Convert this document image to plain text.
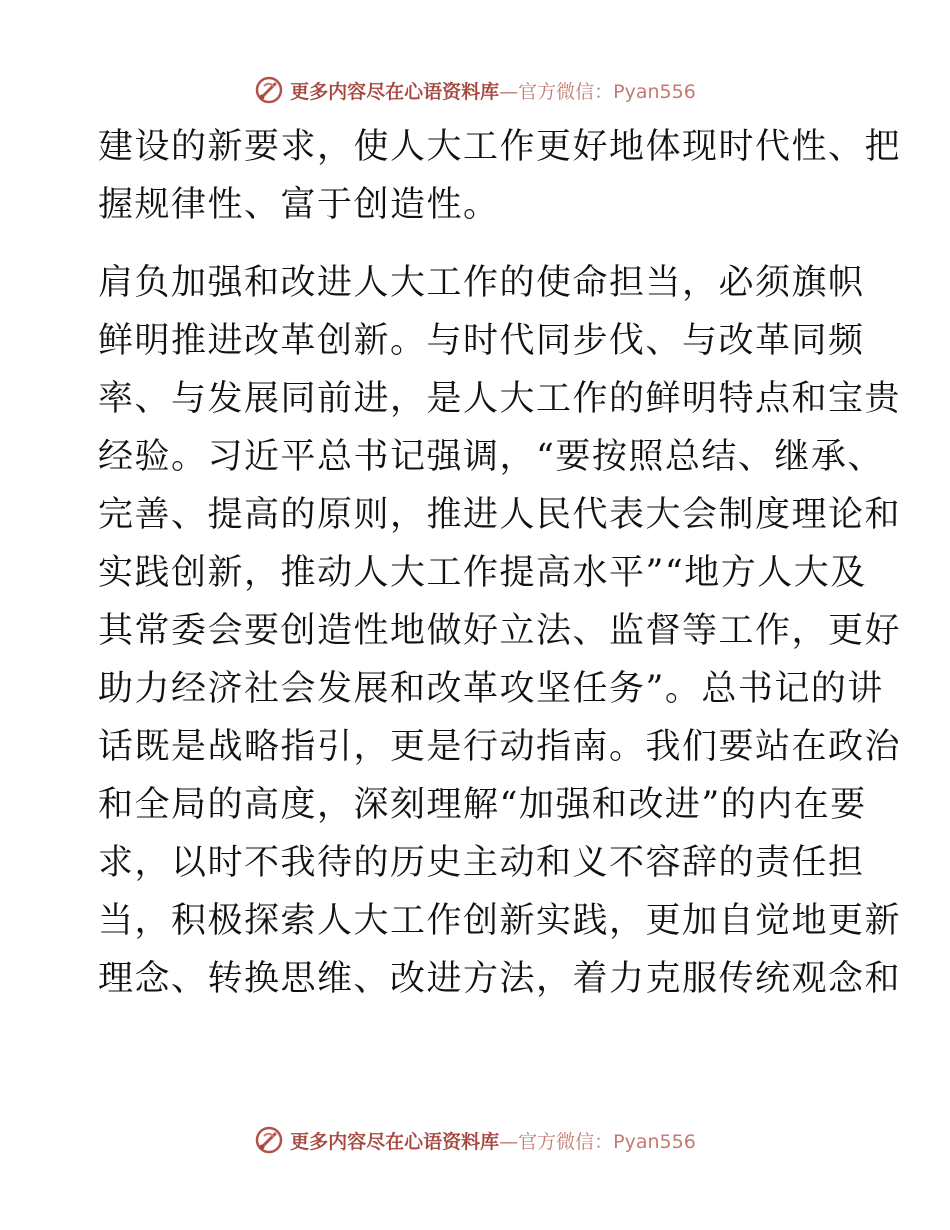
更多内容尽在心语资料库—官方微信：Pyan556
建设的新要求，使人大工作更好地体现时代性、把
握规律性、富于创造性。
肩负加强和改进人大工作的使命担当，必须旗帜
鲜明推进改革创新。与时代同步伐、与改革同频
率、与发展同前进，是人大工作的鲜明特点和宝贵
经验。习近平总书记强调，“要按照总结、继承、
完善、提高的原则，推进人民代表大会制度理论和
实践创新，推动人大工作提高水平”“地方人大及
其常委会要创造性地做好立法、监督等工作，更好
助力经济社会发展和改革攻坚任务”。总书记的讲
话既是战略指引，更是行动指南。我们要站在政治
和全局的高度，深刻理解“加强和改进”的内在要
求，以时不我待的历史主动和义不容辞的责任担
当，积极探索人大工作创新实践，更加自觉地更新
理念、转换思维、改进方法，着力克服传统观念和
更多内容尽在心语资料库—官方微信：Pyan556
